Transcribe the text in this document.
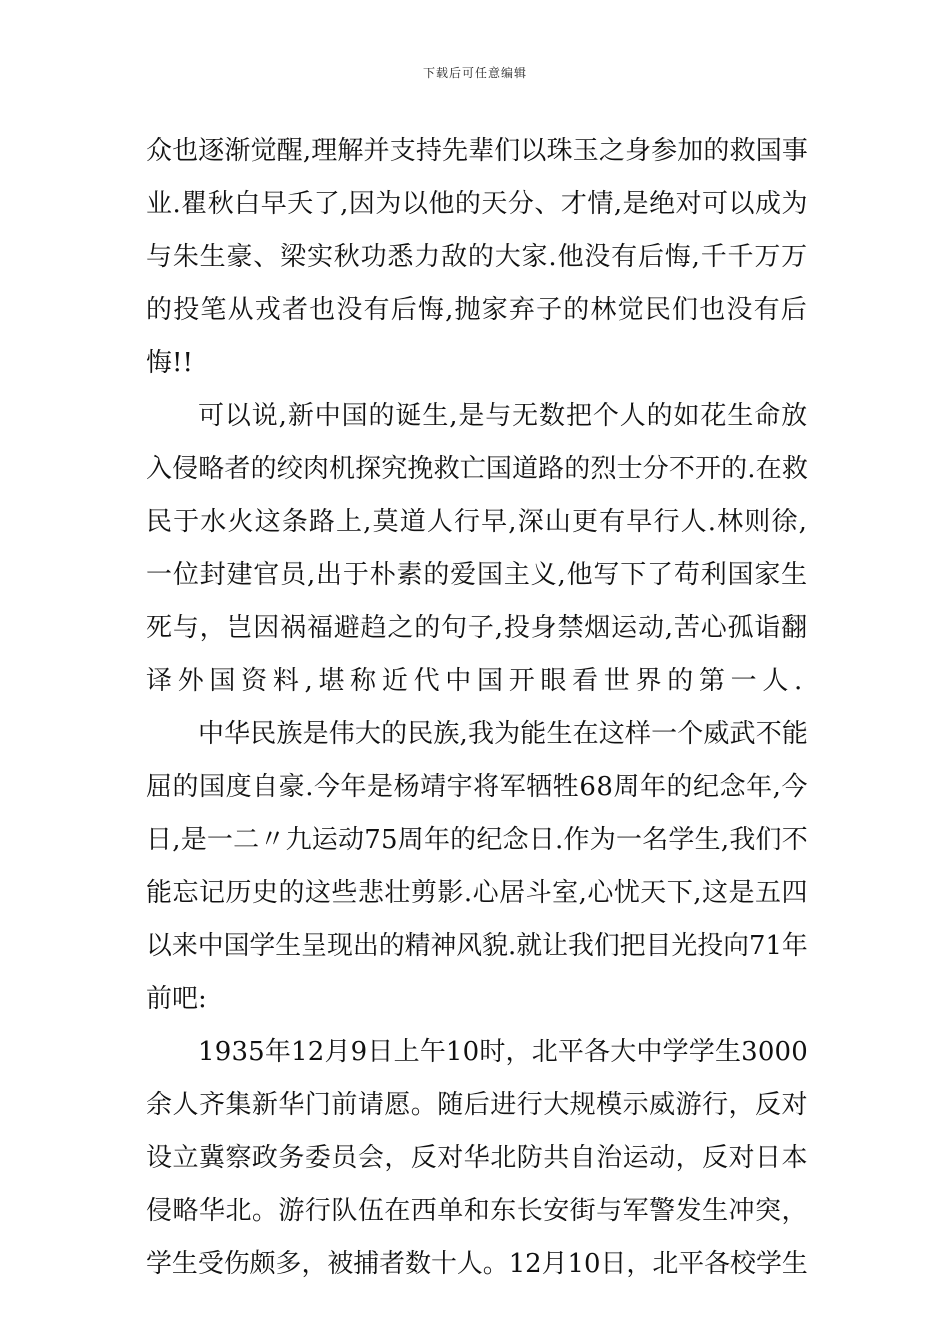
下载后可任意编辑
众也逐渐觉醒,理解并支持先辈们以珠玉之身参加的救国事
业.瞿秋白早夭了,因为以他的天分、才情,是绝对可以成为
与朱生豪、梁实秋功悉力敌的大家.他没有后悔,千千万万
的投笔从戎者也没有后悔,抛家弃子的林觉民们也没有后
悔!!
可以说,新中国的诞生,是与无数把个人的如花生命放
入侵略者的绞肉机探究挽救亡国道路的烈士分不开的.在救
民于水火这条路上,莫道人行早,深山更有早行人.林则徐,
一位封建官员,出于朴素的爱国主义,他写下了苟利国家生
死与，岂因祸福避趋之的句子,投身禁烟运动,苦心孤诣翻
译外国资料,堪称近代中国开眼看世界的第一人.
中华民族是伟大的民族,我为能生在这样一个威武不能
屈的国度自豪.今年是杨靖宇将军牺牲68周年的纪念年,今
日,是一二〃九运动75周年的纪念日.作为一名学生,我们不
能忘记历史的这些悲壮剪影.心居斗室,心忧天下,这是五四
以来中国学生呈现出的精神风貌.就让我们把目光投向71年
前吧:
1935年12月9日上午10时，北平各大中学学生3000
余人齐集新华门前请愿。随后进行大规模示威游行，反对
设立冀察政务委员会，反对华北防共自治运动，反对日本
侵略华北。游行队伍在西单和东长安街与军警发生冲突，
学生受伤颇多，被捕者数十人。12月10日，北平各校学生
